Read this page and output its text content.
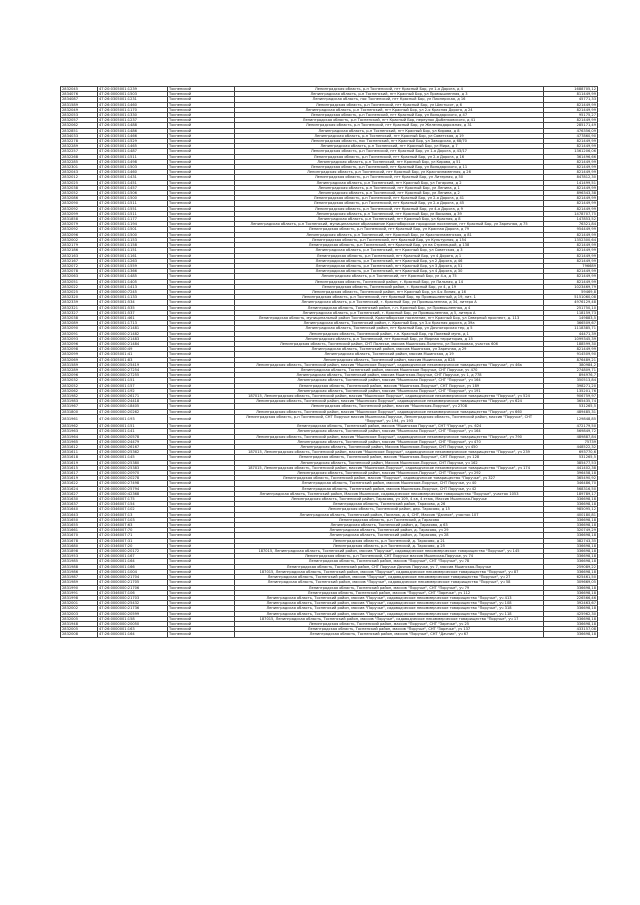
2832045	47:20:0305001:1239	Тосненский	Ленинградская область, р-н Тосненский, пгт Красный Бор, ул 1-я Дорога, д 4	1688705,12
2834076	47:26:0000001:1503	Тосненский	Ленинградская область, р-н Тосненский, пгт Красный Бор, ул Промышленная, д 3	811449,99
2834087	47:26:0305001:1231	Тосненский	Ленинградская область, пос Тосненский, пгт Красный Бор, ул Пионерская, д 16	45771,33
2831589	47:26:0305001:1460	Тосненский	Ленинградская область, р-н Тосненский, пгт Красный Бор, ул Шестьсот, д 6	821449,99
2832049	47:26:0305001:1170	Тосненский	Ленинградская область, р-н Тосненский, пгт Красный Бор, ул 2-я Красная Дорога, д 24	821449,99
2832053	47:26:0305001:1330	Тосненский	Ленинградская область, р-н Тосненский, пгт Красный Бор, ул Володарского, д 47	95175,27
2832057	47:26:0305001:1237	Тосненский	Ленинградская область, р-н Тосненский, пгт Красный Бор, переулок Дыбенковского, д 41	821449,99
2832062	47:26:0305001:1488	Тосненский	Ленинградская область, р-н Тосненский, пгт Красный Бор, ул Железнодорожная, д 31	285171,49
2832851	47:26:0305001:1486	Тосненский	Ленинградская область, р-н Тосненский, пгт Красный Бор, ул Кирова, д 8	476356,09
2834033	47:26:0305001:1466	Тосненский	Ленинградская область, р-н Тосненский, пгт Красный Бор, ул Советская, д 19	477860,90
2832278	47:26:0305001:1529	Тосненский	Ленинградская область, пос Тосненский, пгт Красный Бор, ул Заводская, д 68/70	821449,99
2832289	47:26:0305001:1465	Тосненский	Ленинградская область, р-н Тосненский, пгт Красный Бор, ул Мира, д 7	821449,99
2832257	47:26:0305001:1487	Тосненский	Ленинградская область, р-н Тосненский, пгт Красный Бор, ул 1-я Дорога, д 43/17	1361206,06
2832268	47:26:0305001:1511	Тосненский	Ленинградская область, р-н Тосненский, пгт Красный Бор, ул 2-я Дорога, д 16	361496,66
2832285	47:26:0305001:1498	Тосненский	Ленинградская область, р-н Тосненский, пгт Красный Бор, ул Кирова, д 51	821449,99
2832301	47:26:0305001:1503	Тосненский	Ленинградская область, р-н Тосненский, пгт Красный Бор, ул Володарского, д 11	821449,99
2832043	47:26:0305001:1460	Тосненский	Ленинградская область, р-н Тосненский, пгт Красный Бор, ул Краснознаменная, д 26	821449,99
2832012	47:26:0305001:1431	Тосненский	Ленинградская область, р-н Тосненский, пгт Красный Бор, ул Литерная, д 50	847812,30
2832025	47:26:0305001:1451	Тосненский	Ленинградская область, р-н Тосненский, пгт Красный Бор, ул Гагарина, д 2	141499,51
2832038	47:26:0305001:1457	Тосненский	Ленинградская область, р-н Тосненский, пгт Красный Бор, ул Ленина, д 1	821449,99
2832052	47:26:0305001:1506	Тосненский	Ленинградская область, р-н Тосненский, пгт Красный Бор, ул Ленина, д 2	896343,38
2832086	47:26:0305001:1500	Тосненский	Ленинградская область, р-н Тосненский, пгт Красный Бор, ул 2-я Дорога, д 41	821449,99
2832090	47:26:0305001:1511	Тосненский	Ленинградская область, р-н Тосненский, пгт Красный Бор, ул 2-я Дорога, д 45	821449,99
2832092	47:26:0305001:1551	Тосненский	Ленинградская область, р-н Тосненский, пгт Красный Бор, ул 4-я Дорога, д 9	821449,99
2832099	47:26:0305001:1511	Тосненский	Ленинградская область, р-н Тосненский, пгт Красный Бор, ул Восьмая, д 39	1478707,75
2831858	47:26:0305001:1177	Тосненский	Ленинградская область, р-н Тосненский, пгт Красный Бор, ул Красная, д 8	147853,52
2832079	47:26:0305001:1194	Тосненский	Ленинградская область, р-н Тосненский, муниципальное образование Красноборское городское поселение, пгт Красный Бор, ул Заречная, д 75	76321,84
2832092	47:26:0305001:1501	Тосненский	Ленинградская область, р-н Тосненский, пгт Красный Бор, ул Красная Дорога, д 79	954449,99
2832096	47:26:0305001:1500	Тосненский	Ленинградская область, р-н Тосненский, пгт Красный Бор, ул Краснознаменская, д 81	821449,99
2832002	47:26:0305001:1153	Тосненский	Ленинградская область, р-н Тосненский, пгт Красный Бор, ул Культурная, д 154	1352300,64
2832179	47:26:0305001:1158	Тосненский	Ленинградская область, р-н Тосненский, пгт Красный Бор, ул на Стрелецкой, д 138	821449,99
2832186	47:26:0305001:1151	Тосненский	Ленинградская область, р-н Тосненский, пгт Красный Бор, ул Советская, д 3	821449,99
2832163	47:26:0305001:1161	Тосненский	Ленинградская область, р-н Тосненский, пгт Красный Бор, ул 4 Дорога, д 1	821449,99
2832167	47:26:0305001:1263	Тосненский	Ленинградская область, р-н Тосненский, пгт Красный Бор, ул 2 Дорога, д 46	821449,99
2832072	47:26:0305001:1559	Тосненский	Ленинградская область, р-н Тосненский, пгт Красный Бор, ул 3 Дорога, д 51	796689
2832078	47:26:0305001:1366	Тосненский	Ленинградская область, р-н Тосненский, пгт Красный Бор, ул 4 Дорога, д 30	821449,99
2832063	47:26:0305001:1485	Тосненский	Ленинградская область, р-н Тосненский, пгт Красный Бор, ул 4-я, д 75	821449,99
2832051	47:26:0305001:1405	Тосненский	Ленинградская область, Тосненский район, г. Красный Бор, ул Пильная, д 14	821449,99
2832022	47:26:0305001:1413	Тосненский	Ленинградская область, Тосненский район, г. Красный Бор, ул 4, д 19	1023469,79
2832025	47:26:0000000:7245	Тосненский	Ленинградская область, Тосненский район, пгт Красный Бор, ул 4-я Линия, д 16	59469,8
2832320	47:26:0305001:1133	Тосненский	Ленинградская область, р-н Тосненский, пгт Красный Бор, пр Промышленный, д 19, лит. 1	5151060,08
2832339	47:26:0305001:534	Тосненский	Ленинградская область, р-н Тосненский, г. Красный Бор, ул Промышленная, д 34, литера А	4976129,48
2832321	47:26:0305001:535	Тосненский	Ленинградская область, Тосненский район, г.п. Красный Бор, ул Промышленная, д 4	251750,10
2832327	47:26:0305001:537	Тосненский	Ленинградская область, р-н Тосненский, г. Красный Бор, ул Промышленная, д 5, литера А	118159,73
2832038	47:26:0305001:461	Тосненский	Ленинградская область, муниципальный район Тосненский, Красноборское поселение, пгт Красный Бор, ул Северный проспект, д. 113	149883,5
2832089	47:26:0305001:1713	Тосненский	Ленинградская область, Тосненский район, г. Красный Бор, ул 3-я Красная дорога, д 39а	366509,67
2832090	47:26:0000000:21481	Тосненский	Ленинградская область, Тосненский район, пгт Красный Бор, ул Дачногорская тер, д 5	1118385,71
2832091	47:26:0000000:21482	Тосненский	Ленинградская область, Тосненский район, г.п. Красный Бор, пр Полевой мунк, д 1	44471,39
2832093	47:26:0000000:21483	Тосненский	Ленинградская область, р-н Тосненский, пгт Красный Бор, ул Мирная территория, д 15	1099345,39
2832096	47:26:0000000:21484	Тосненский	Ленинградская область, Тосненский район, СНТ Полесье, массив Мшинская-Полотно, ул Поселковая, участок 606	188599,30
2832098	47:26:0000000:49	Тосненский	Ленинградская область, Тосненский район, массив Мшинская, ул Заречная, д 29	821449,99
2832099	47:26:0305001:41	Тосненский	Ленинградская область, Тосненский район, массив Мшинская, д 19	914509,90
2832069	47:26:0305001:83	Тосненский	Ленинградская область, Тосненский район, массив Мшинская, д 828	876489,21
2831589	47:26:0000000:25419	Тосненский	Ленинградская область, Тосненский район, массив "Мшинское Поручье", садоводческое некоммерческое товарищество "Поручье", уч 46а	380984,2
2832289	47:26:0000000:27254	Тосненский	Ленинградская область, Тосненский район, массив Мшинское Поручье, СНТ Поручье, уч 470	274809,71
2832096	47:26:0000000:27255	Тосненский	Ленинградская область, Тосненский район, массив Мшинская-Поручье, СНТ Поручье, уч 1, д 778	894976,7
2832032	47:26:0000001:151	Тосненский	Ленинградская область, Тосненский район, массив "Мшинская Поручье", СНТ "Поручье", уч 164	350513,84
2832052	47:26:0000001:157	Тосненский	Ленинградская область, Тосненский район, массив "Мшинская-Поручье", СНТ Поручье, уч 189	398271,20
2832062	47:26:0000001:192	Тосненский	Ленинградская область, Тосненский район, массив "Мшинская Поручье", СНТ "Поручье", уч 191	135201,76
2831982	47:26:0000000:26171	Тосненский	187015, Ленинградская область, Тосненский район, массив "Мшинское Поручье", садоводческое некоммерческое товарищество "Поручье", уч 524	906759,97
2831983	47:26:0000000:24418	Тосненский	Ленинградская область, Тосненский район, массив "Мшинская Поручье", садоводческое некоммерческое товарищество "Поручье", уч 624	365435,74
2831967	47:26:0000000:18405	Тосненский	Ленинградская область, Тосненский район, массив "Мшинская-Поручье", уч 2708	531265,5
2831800	47:26:0000000:20262	Тосненский	Ленинградская область, Тосненский район, массив "Мшинское Поручье", садоводческое некоммерческое товарищество "Поручье", уч 660	489485,31
2831961	47:26:0000001:193	Тосненский	Ленинградская область, р-н Тосненский, СНТ Поручье массив Мшинская-Поручье, Ленинградская область, Тосненский район, массив "Поручье", СНТ "Поручье", уч 194, уч 193	129848,85
2831962	47:26:0000001:151	Тосненский	Ленинградская область, Тосненский район, массив "Мшинская Поручье", СНТ "Поручье", уч. 624	472179,50
2831963	47:26:0000001:141	Тосненский	Ленинградская область, Тосненский район, массив "Мшинская Поручье", СНТ "Поручье", уч 164	569849,72
2831964	47:26:0000000:20578	Тосненский	Ленинградская область, Тосненский район, массив "Мшинское Поручье", садоводческое некоммерческое товарищество "Поручье", уч 790	489887,84
2831965	47:26:0000000:24479	Тосненский	Ленинградская область, Тосненский район, массив "Мшинское Поручье", СНТ "Поручье", уч 470	75739
2831612	47:26:0000000:26167	Тосненский	Ленинградская область, Тосненский район, Массив Мшинское-Поручье, СНТ Поручье, уч 450	448522,32
2831611	47:26:0000000:25362	Тосненский	187015, Ленинградская область, Тосненский район, массив "Мшинское Поручье", садоводческое некоммерческое товарищество "Поручье", уч 239	693770,6
2831618	47:26:0000001:145	Тосненский	Ленинградская область, Тосненский район, массив "Мшинская-Поручье", СНТ Поручье, уч 128	531265,5
2831619	47:26:0000000:25380	Тосненский	Ленинградская область, Тосненский район, Массив Мшинское-Поручье, СНТ Поручье, уч 162	385477,53
2831615	47:26:0000000:25383	Тосненский	187015, Ленинградская область, Тосненский район, массив "Мшинское-Поручье", садоводческое некоммерческое товарищество "Поручье", уч 174	441402,38
2831617	47:26:0000000:20970	Тосненский	Ленинградская область, Тосненский район, массив "Мшинское-Поручье", СНТ "Поручье", уч 292	396458,18
2831619	47:26:0000000:20278	Тосненский	Ленинградская область, Тосненский район, массив "Поручье", садоводческое товарищество "Поручье", уч 327	365490,92
2831622	47:26:0000000:27498	Тосненский	Ленинградская область, Тосненский район, массив Мшинское-Поручье, СНТ Поручье, уч 40	346486,70
2831624	47:26:0000000:25794	Тосненский	Ленинградская область, Тосненский район, массив Мшинская-Поручье, СНТ Поручье, уч 42	568316,50
2831627	47:26:0000000:42368	Тосненский	Ленинградская область, Тосненский район, Массив Мшинское, садоводческое некоммерческое товарищество "Поручье", участок 1053	189789,17
2831630	47:20:0346007:175	Тосненский	Ленинградская область, Тосненский район, Тарасово, уч 109, 4 кв, 4 этаж, Массив Мшинская-Поручье	336698,18
2831637	47:20:0346007:154	Тосненский	Ленинградская область, Тосненский район, Тарасово, д 26	336698,18
2831640	47:20:0346007:102	Тосненский	Ленинградская область, Тосненский район, дер. Тарасово, д 15	985095,12
2831643	47:20:0346007:13	Тосненский	Ленинградская область, Тосненский район, Поселок, д. 4, СНТ, Массив "Дачное", участок 107	400180,81
2831650	47:20:0346007:103	Тосненский	Ленинградская область, р-н Тосненский, д Тарасово	336698,18
2831655	47:20:0346007:63	Тосненский	Ленинградская область, Тосненский район, д. Тарасово, д 63	336698,18
2831661	47:20:0346007:70	Тосненский	Ленинградская область, Тосненский район, д. Тарасово, уч 29	320749,29
2831670	47:20:0346007:71	Тосненский	Ленинградская область, Тосненский район, д. Тарасово, уч 28	336698,18
2831678	47:26:0346007:31	Тосненский	Ленинградская область, р-н Тосненский, д. Тарасово, д 21	382743,35
2831680	47:20:0346007:20	Тосненский	Ленинградская область, р-н Тосненский, д. Тарасово, д 25	336698,18
2831898	47:26:0000000:20172	Тосненский	187015, Ленинградская область, Тосненский район, массив "Поручье", садоводческое некоммерческое товарищество "Поручье", уч 145	336698,18
2831953	47:26:0000001:167	Тосненский	Ленинградская область, р-н Тосненский, СНТ Поручье массив Мшинская-Поручье, уч 74	336698,18
2831985	47:26:0000001:164	Тосненский	Ленинградская область, Тосненский район, массив "Поручье", СНТ "Поручье", уч 78	336698,18
2831988	47:26:0000001:166	Тосненский	Ленинградская область, Тосненский район, СНТ Поручье Дачник Поручье, уч 7, массив Мшинская-Поручье	259089,22
2831986	47:26:0000001:1004	Тосненский	187015, Ленинградская область, Тосненский район, массив "Поручье", садоводческое некоммерческое товарищество "Поручье", уч 87	336698,18
2831987	47:26:0000000:21704	Тосненский	Ленинградская область, Тосненский район, массив "Поручье", садоводческое некоммерческое товарищество "Поручье", уч 27	625461,50
2831989	47:26:0000000:21705	Тосненский	Ленинградская область, Тосненский район, массив "Поручье", садоводческое некоммерческое товарищество "Поручье", уч 58	309669,05
2831990	47:26:0000000:21706	Тосненский	Ленинградская область, Тосненский район, массив "Поручье", СНТ "Поручье", уч 79	336698,18
2831991	47:20:0346007:106	Тосненский	Ленинградская область, Тосненский район, массив "Поручье", СНТ "Заречье", уч 112	336698,18
2831998	47:26:0000000:21703	Тосненский	Ленинградская область, Тосненский район, массив "Поручье", садоводческое некоммерческое товарищество "Поручье", уч 413	226566,46
2832001	47:26:0000000:25432	Тосненский	Ленинградская область, Тосненский район, массив "Поручье", садоводческое некоммерческое товарищество "Поручье", уч 108	392463,67
2832002	47:26:0000000:21736	Тосненский	Ленинградская область, Тосненский район, массив "Поручье", садоводческое некоммерческое товарищество "Поручье", уч 318	336698,18
2832003	47:26:0000000:20599	Тосненский	Ленинградская область, Тосненский район, массив "Поручье", садоводческое некоммерческое товарищество "Поручье", уч 118	425962,30
2832005	47:26:0000001:158	Тосненский	187015, Ленинградская область, Тосненский район, массив "Поручье", садоводческое некоммерческое товарищество "Поручье", уч 17	336698,18
2831948	47:26:0000000:20050	Тосненский	Ленинградская область, Тосненский район, массив "Поручье", СНТ "Заречье", уч 25	336698,18
2832005	47:26:0000001:163	Тосненский	Ленинградская область, Тосненский район, массив "Поручье", СНТ "Заречье", уч 137	433157,08
2832008	47:26:0000001:164	Тосненский	Ленинградская область, Тосненский район, массив "Поручье", СНТ "Дачник", уч 67	336698,18
